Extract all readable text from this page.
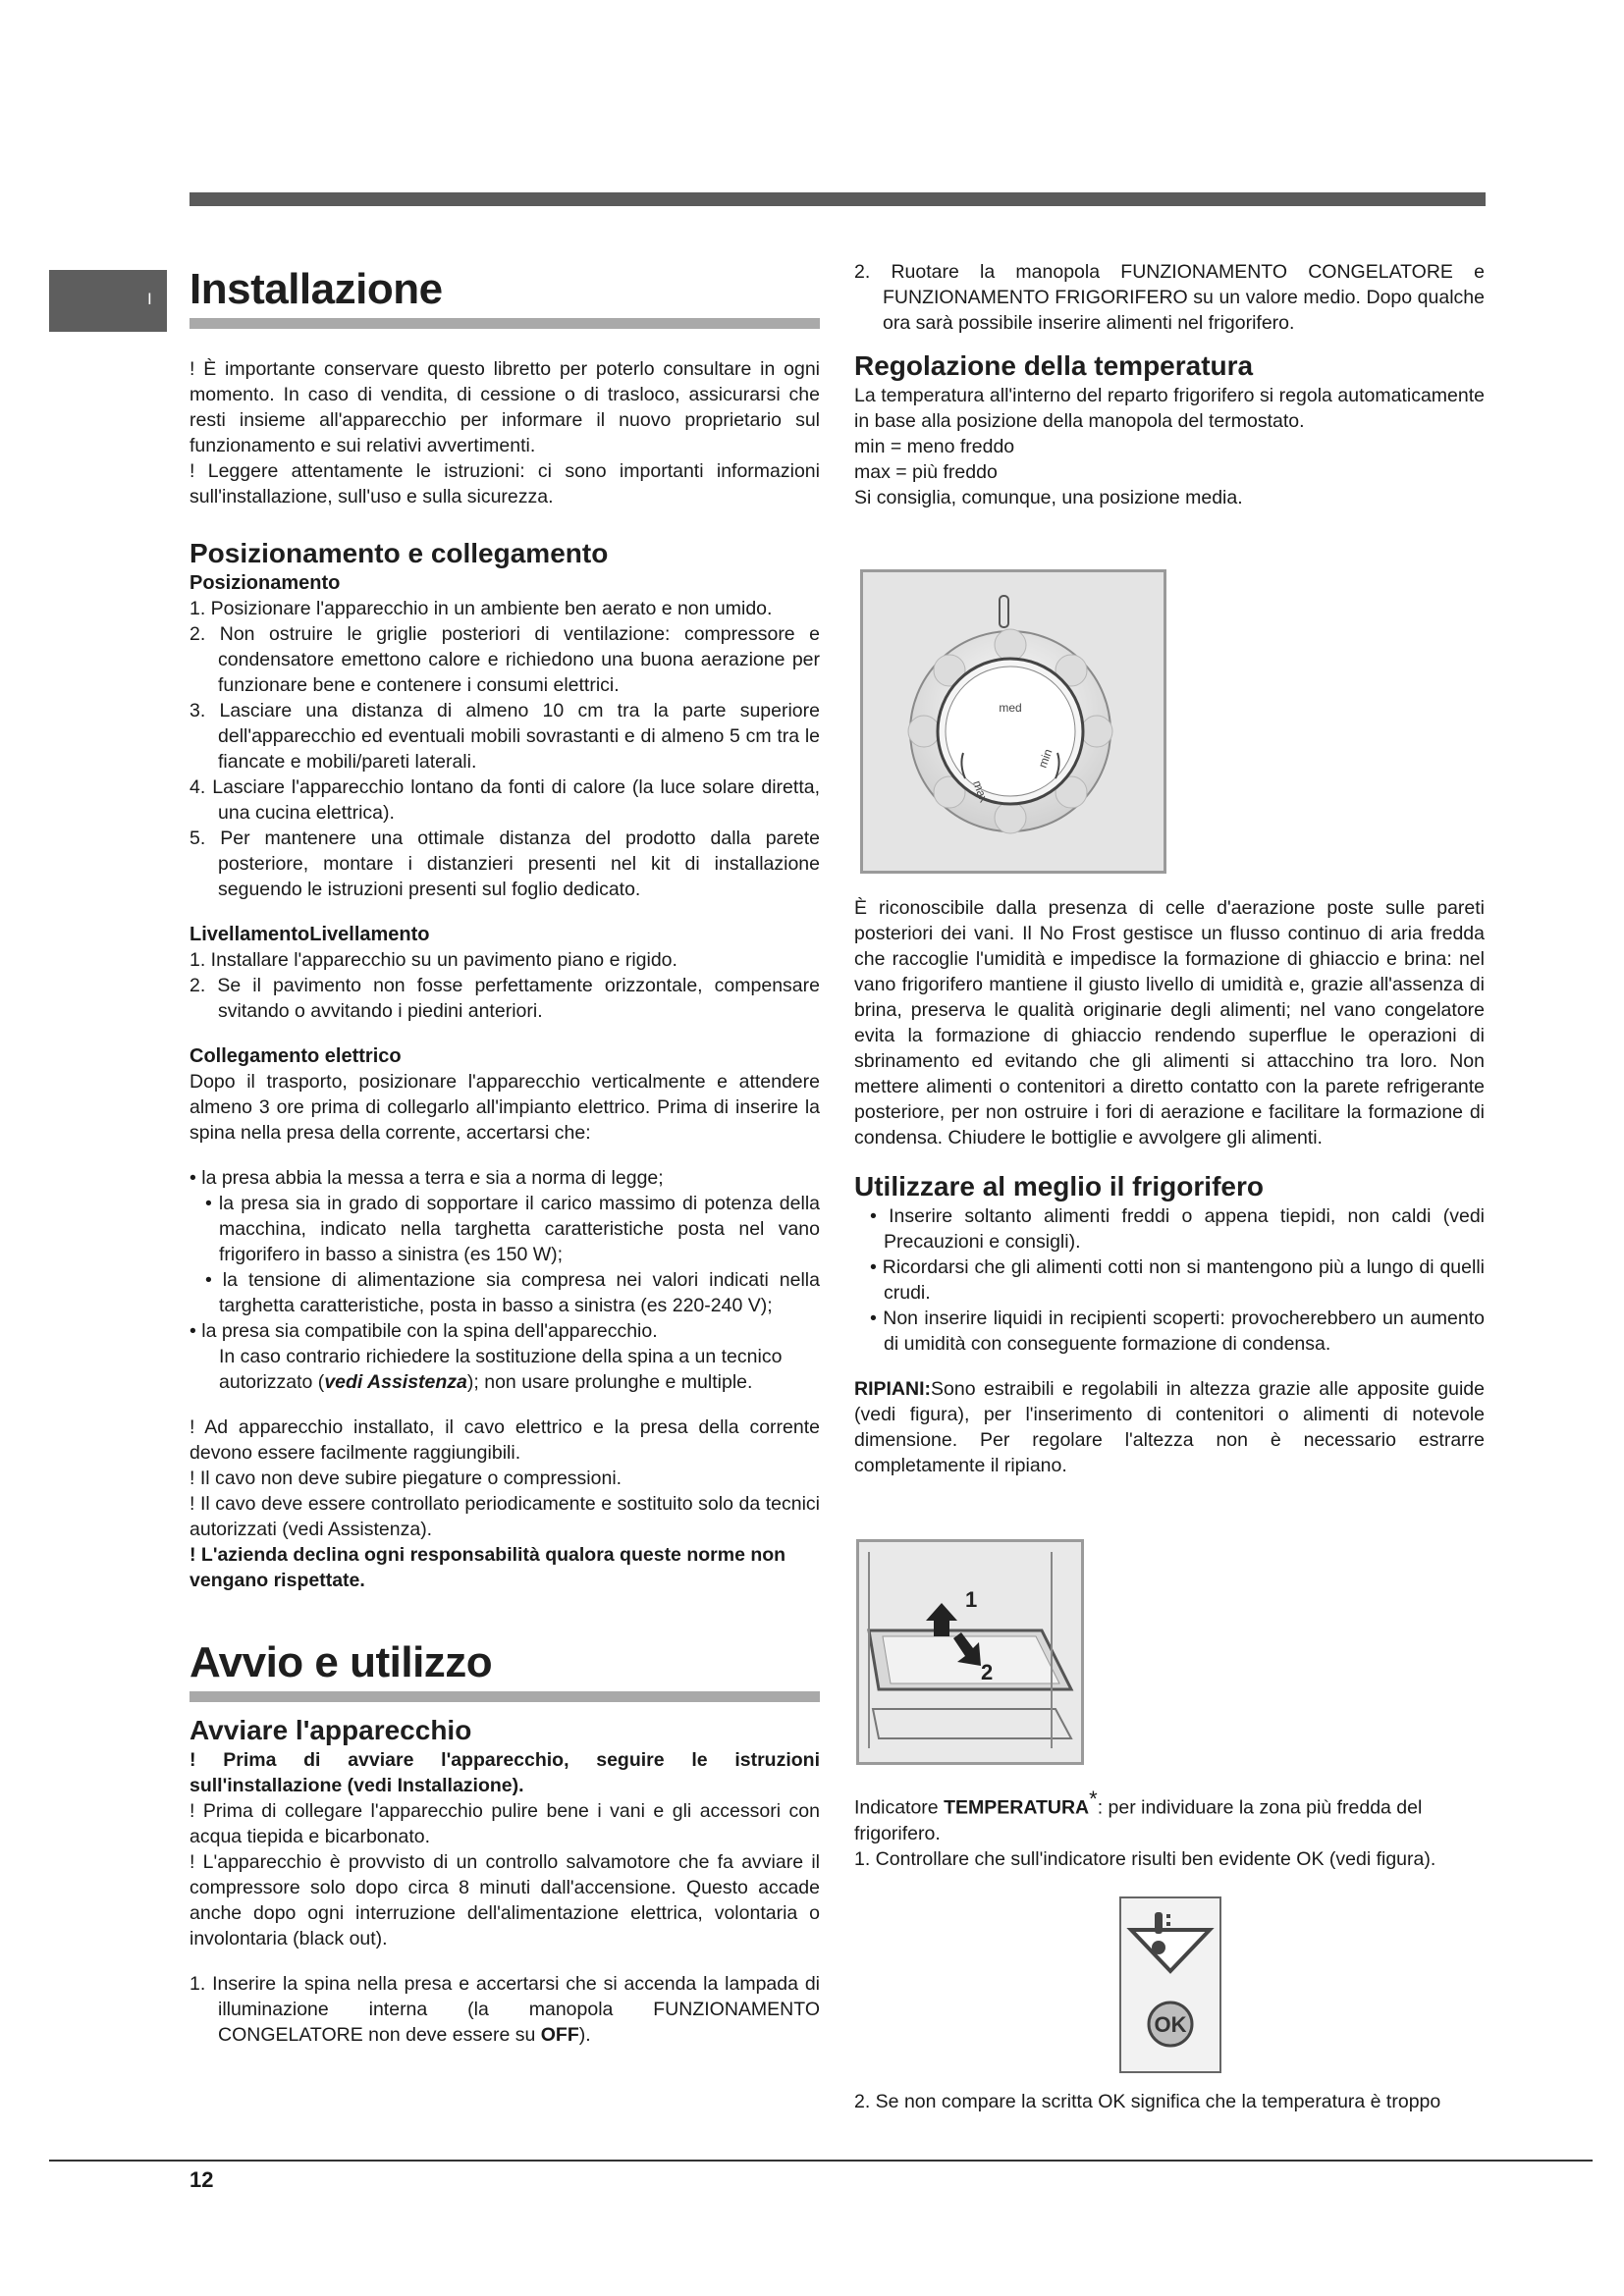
I Installazione

! È importante conservare questo libretto per poterlo consultare in ogni momento. In caso di vendita, di cessione o di trasloco, assicurarsi che resti insieme all'apparecchio per informare il nuovo proprietario sul funzionamento e sui relativi avvertimenti.

! Leggere attentamente le istruzioni: ci sono importanti informazioni sull'installazione, sull'uso e sulla sicurezza.

Posizionamento e collegamento
Posizionamento

1. Posizionare l'apparecchio in un ambiente ben aerato e non umido.

2. Non ostruire le griglie posteriori di ventilazione: compressore e condensatore emettono calore e richiedono una buona aerazione per funzionare bene e contenere i consumi elettrici.

3. Lasciare una distanza di almeno 10 cm tra la parte superiore dell'apparecchio ed eventuali mobili sovrastanti e di almeno 5 cm tra le fiancate e mobili/pareti laterali.

4. Lasciare l'apparecchio lontano da fonti di calore (la luce solare diretta, una cucina elettrica).

5. Per mantenere una ottimale distanza del prodotto dalla parete posteriore, montare i distanzieri presenti nel kit di installazione seguendo le istruzioni presenti sul foglio dedicato.

LivellamentoLivellamento

1. Installare l'apparecchio su un pavimento piano e rigido.

2. Se il pavimento non fosse perfettamente orizzontale, compensare svitando o avvitando i piedini anteriori.

Collegamento elettrico

Dopo il trasporto, posizionare l'apparecchio verticalmente e attendere almeno 3 ore prima di collegarlo all'impianto elettrico. Prima di inserire la spina nella presa della corrente, accertarsi che:

• la presa abbia la messa a terra e sia a norma di legge;

• la presa sia in grado di sopportare il carico massimo di potenza della macchina, indicato nella targhetta caratteristiche posta nel vano frigorifero in basso a sinistra (es 150 W);

• la tensione di alimentazione sia compresa nei valori indicati nella targhetta caratteristiche, posta in basso a sinistra (es 220-240 V);

• la presa sia compatibile con la spina dell'apparecchio.

In caso contrario richiedere la sostituzione della spina a un tecnico autorizzato (vedi Assistenza); non usare prolunghe e multiple.

! Ad apparecchio installato, il cavo elettrico e la presa della corrente devono essere facilmente raggiungibili.

! Il cavo non deve subire piegature o compressioni.

! Il cavo deve essere controllato periodicamente e sostituito solo da tecnici autorizzati (vedi Assistenza).

! L'azienda declina ogni responsabilità qualora queste norme non vengano rispettate.

Avvio e utilizzo
Avviare l'apparecchio

! Prima di avviare l'apparecchio, seguire le istruzioni sull'installazione (vedi Installazione).

! Prima di collegare l'apparecchio pulire bene i vani e gli accessori con acqua tiepida e bicarbonato.

! L'apparecchio è provvisto di un controllo salvamotore che fa avviare il compressore solo dopo circa 8 minuti dall'accensione. Questo accade anche dopo ogni interruzione dell'alimentazione elettrica, volontaria o involontaria (black out).

1. Inserire la spina nella presa e accertarsi che si accenda la lampada di illuminazione interna (la manopola FUNZIONAMENTO CONGELATORE non deve essere su OFF).

2. Ruotare la manopola FUNZIONAMENTO CONGELATORE e FUNZIONAMENTO FRIGORIFERO su un valore medio. Dopo qualche ora sarà possibile inserire alimenti nel frigorifero.

Regolazione della temperatura

La temperatura all'interno del reparto frigorifero si regola automaticamente in base alla posizione della manopola del termostato.

min = meno freddo

max = più freddo

Si consiglia, comunque, una posizione media.

med
max
min

È riconoscibile dalla presenza di celle d'aerazione poste sulle pareti posteriori dei vani. Il No Frost gestisce un flusso continuo di aria fredda che raccoglie l'umidità e impedisce la formazione di ghiaccio e brina: nel vano frigorifero mantiene il giusto livello di umidità e, grazie all'assenza di brina, preserva le qualità originarie degli alimenti; nel vano congelatore evita la formazione di ghiaccio rendendo superflue le operazioni di sbrinamento ed evitando che gli alimenti si attacchino tra loro. Non mettere alimenti o contenitori a diretto contatto con la parete refrigerante posteriore, per non ostruire i fori di aerazione e facilitare la formazione di condensa. Chiudere le bottiglie e avvolgere gli alimenti.

Utilizzare al meglio il frigorifero

• Inserire soltanto alimenti freddi o appena tiepidi, non caldi (vedi Precauzioni e consigli).

• Ricordarsi che gli alimenti cotti non si mantengono più a lungo di quelli crudi.

• Non inserire liquidi in recipienti scoperti: provocherebbero un aumento di umidità con conseguente formazione di condensa.

RIPIANI:Sono estraibili e regolabili in altezza grazie alle apposite guide (vedi figura), per l'inserimento di contenitori o alimenti di notevole dimensione. Per regolare l'altezza non è necessario estrarre completamente il ripiano.

1
2

Indicatore TEMPERATURA*: per individuare la zona più fredda del frigorifero.

1. Controllare che sull'indicatore risulti ben evidente OK (vedi figura).

OK

2. Se non compare la scritta OK significa che la temperatura è troppo

12
